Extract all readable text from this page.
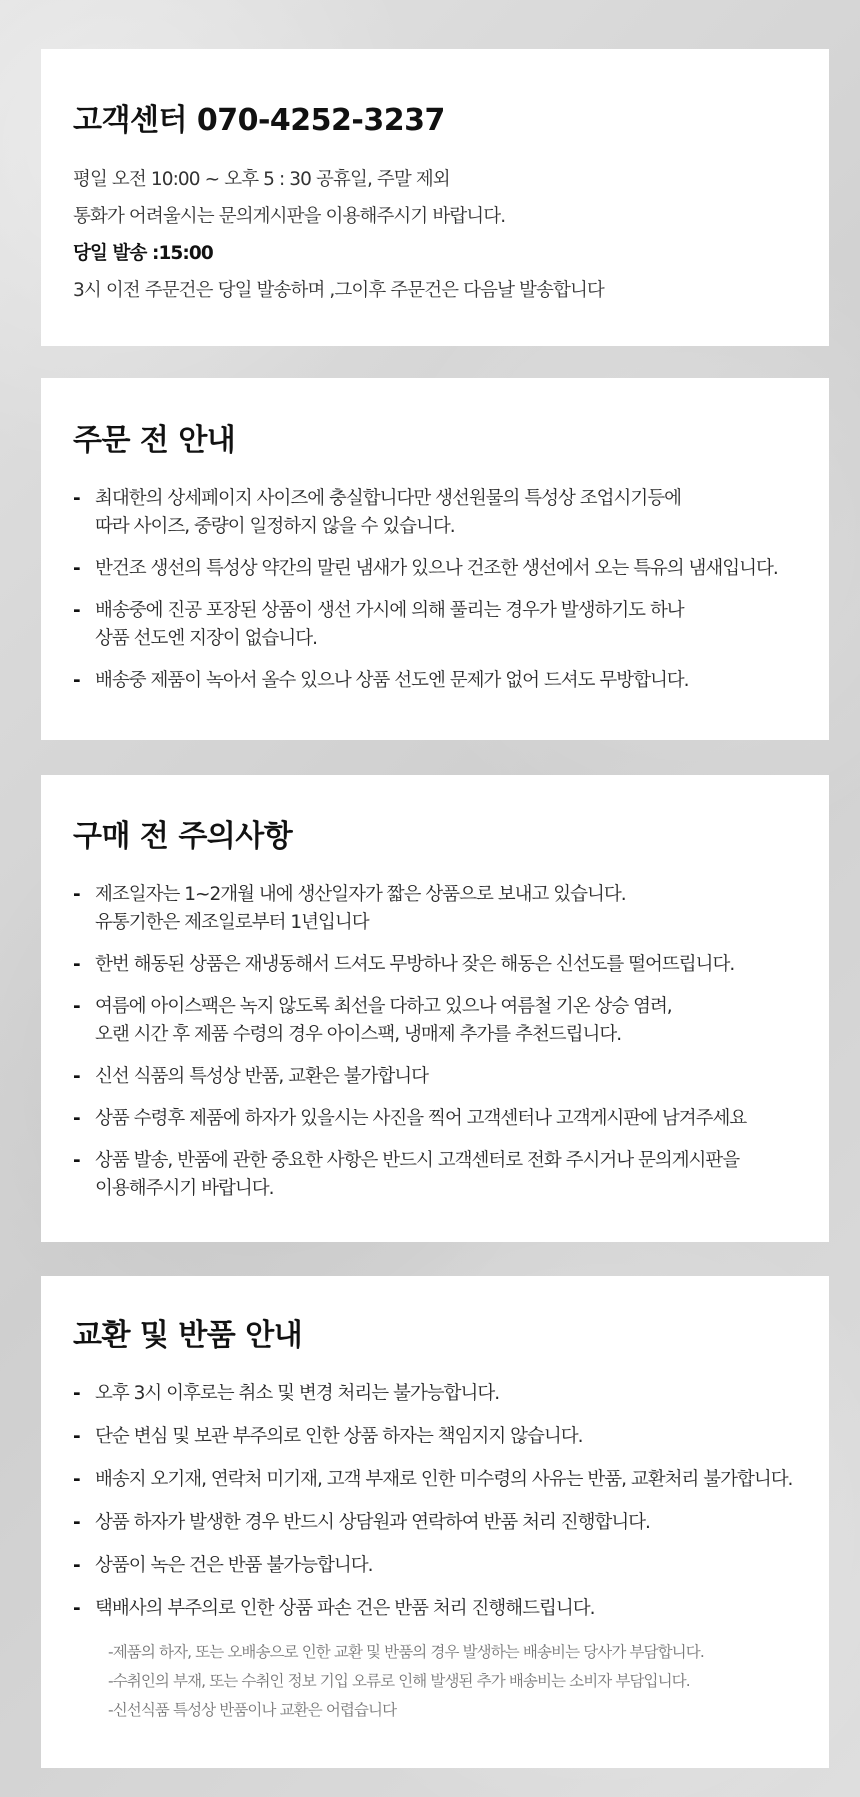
고객센터 070-4252-3237
평일 오전 10:00 ~ 오후 5 : 30 공휴일, 주말 제외
통화가 어려울시는 문의게시판을 이용해주시기 바랍니다.
당일 발송 :15:00
3시 이전 주문건은 당일 발송하며 ,그이후 주문건은 다음날 발송합니다
주문 전 안내
- 최대한의 상세페이지 사이즈에 충실합니다만 생선원물의 특성상 조업시기등에
따라 사이즈, 중량이 일정하지 않을 수 있습니다.
- 반건조 생선의 특성상 약간의 말린 냄새가 있으나 건조한 생선에서 오는 특유의 냄새입니다.
- 배송중에 진공 포장된 상품이 생선 가시에 의해 풀리는 경우가 발생하기도 하나
상품 선도엔 지장이 없습니다.
- 배송중 제품이 녹아서 올수 있으나 상품 선도엔 문제가 없어 드셔도 무방합니다.
구매 전 주의사항
- 제조일자는 1~2개월 내에 생산일자가 짧은 상품으로 보내고 있습니다.
유통기한은 제조일로부터 1년입니다
- 한번 해동된 상품은 재냉동해서 드셔도 무방하나 잦은 해동은 신선도를 떨어뜨립니다.
- 여름에 아이스팩은 녹지 않도록 최선을 다하고 있으나 여름철 기온 상승 염려,
오랜 시간 후 제품 수령의 경우 아이스팩, 냉매제 추가를 추천드립니다.
- 신선 식품의 특성상 반품, 교환은 불가합니다
- 상품 수령후 제품에 하자가 있을시는 사진을 찍어 고객센터나 고객게시판에 남겨주세요
- 상품 발송, 반품에 관한 중요한 사항은 반드시 고객센터로 전화 주시거나 문의게시판을
이용해주시기 바랍니다.
교환 및 반품 안내
- 오후 3시 이후로는 취소 및 변경 처리는 불가능합니다.
- 단순 변심 및 보관 부주의로 인한 상품 하자는 책임지지 않습니다.
- 배송지 오기재, 연락처 미기재, 고객 부재로 인한 미수령의 사유는 반품, 교환처리 불가합니다.
- 상품 하자가 발생한 경우 반드시 상담원과 연락하여 반품 처리 진행합니다.
- 상품이 녹은 건은 반품 불가능합니다.
- 택배사의 부주의로 인한 상품 파손 건은 반품 처리 진행해드립니다.
-제품의 하자, 또는 오배송으로 인한 교환 및 반품의 경우 발생하는 배송비는 당사가 부담합니다.
-수취인의 부재, 또는 수취인 정보 기입 오류로 인해 발생된 추가 배송비는 소비자 부담입니다.
-신선식품 특성상 반품이나 교환은 어렵습니다
